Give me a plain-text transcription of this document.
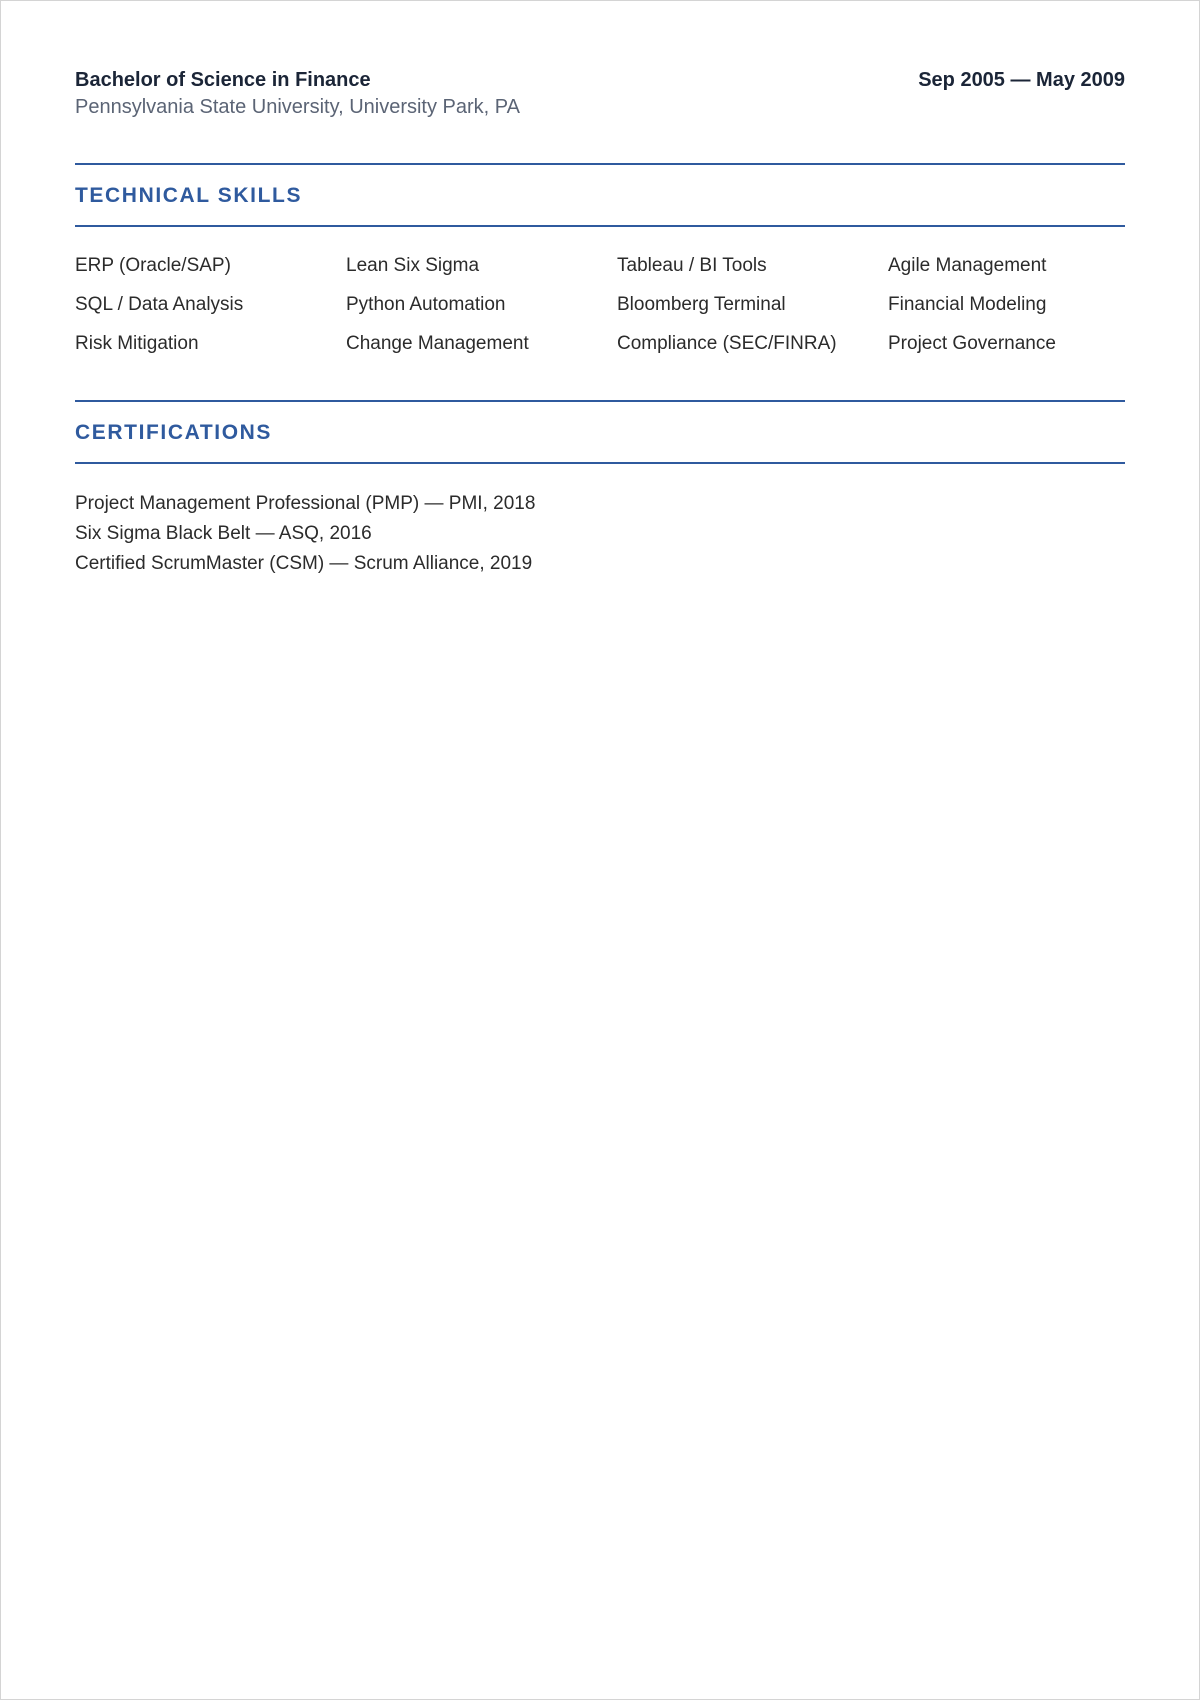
Bachelor of Science in Finance
Pennsylvania State University, University Park, PA
Sep 2005 — May 2009
TECHNICAL SKILLS
ERP (Oracle/SAP)	Lean Six Sigma	Tableau / BI Tools	Agile Management
SQL / Data Analysis	Python Automation	Bloomberg Terminal	Financial Modeling
Risk Mitigation	Change Management	Compliance (SEC/FINRA)	Project Governance
CERTIFICATIONS
Project Management Professional (PMP) — PMI, 2018
Six Sigma Black Belt — ASQ, 2016
Certified ScrumMaster (CSM) — Scrum Alliance, 2019
